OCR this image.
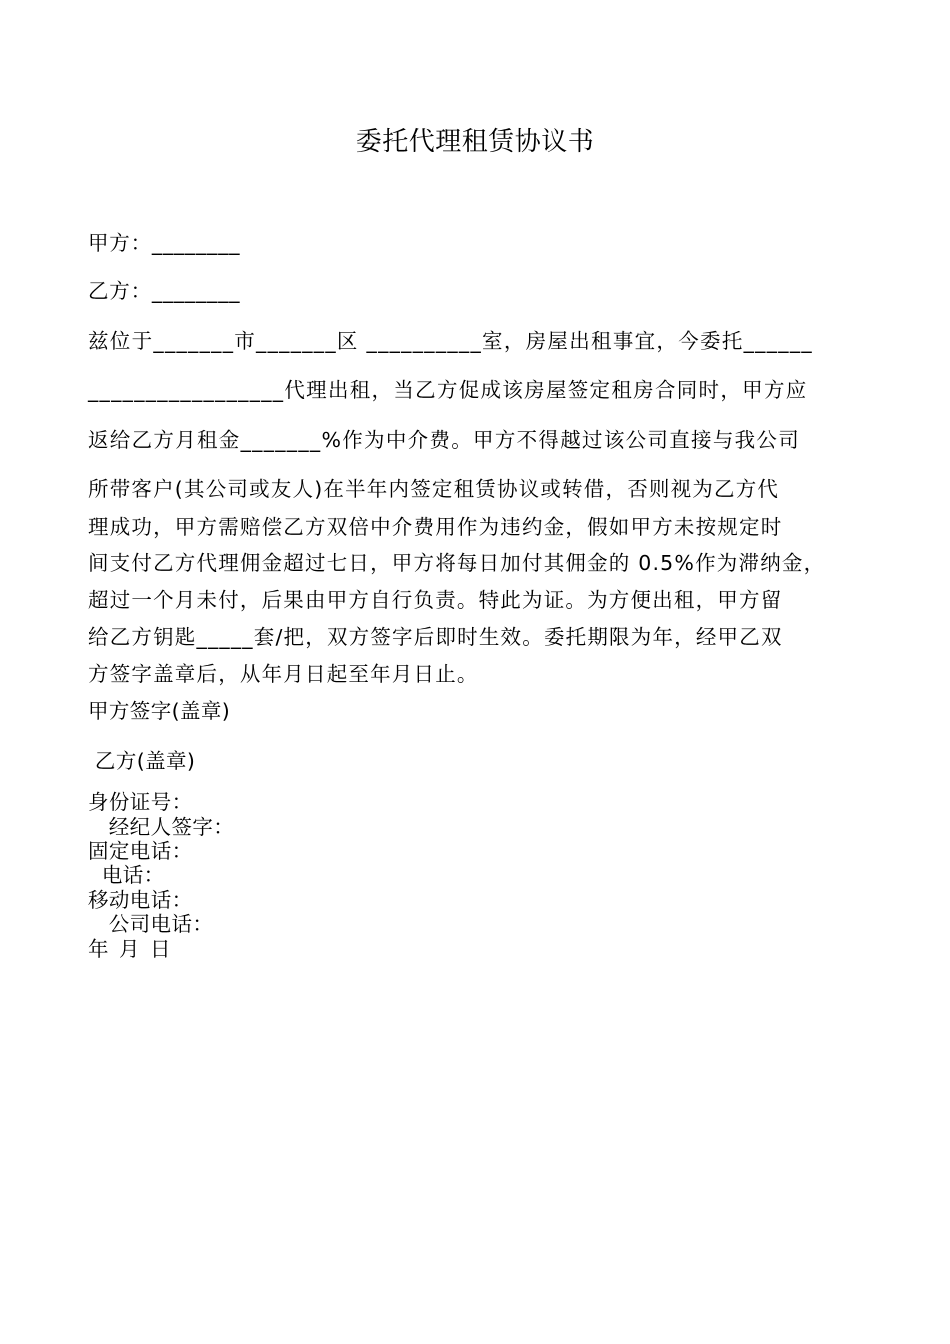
委托代理租赁协议书
甲方：________
乙方：________
兹位于_______市_______区 __________室，房屋出租事宜，今委托______
_________________代理出租，当乙方促成该房屋签定租房合同时，甲方应
返给乙方月租金_______%作为中介费。甲方不得越过该公司直接与我公司
所带客户(其公司或友人)在半年内签定租赁协议或转借，否则视为乙方代
理成功，甲方需赔偿乙方双倍中介费用作为违约金，假如甲方未按规定时
间支付乙方代理佣金超过七日，甲方将每日加付其佣金的 0.5%作为滞纳金，
超过一个月未付，后果由甲方自行负责。特此为证。为方便出租，甲方留
给乙方钥匙_____套/把，双方签字后即时生效。委托期限为年，经甲乙双
方签字盖章后，从年月日起至年月日止。
甲方签字(盖章)
乙方(盖章)
身份证号：
经纪人签字：
固定电话：
电话：
移动电话：
公司电话：
年 月 日
